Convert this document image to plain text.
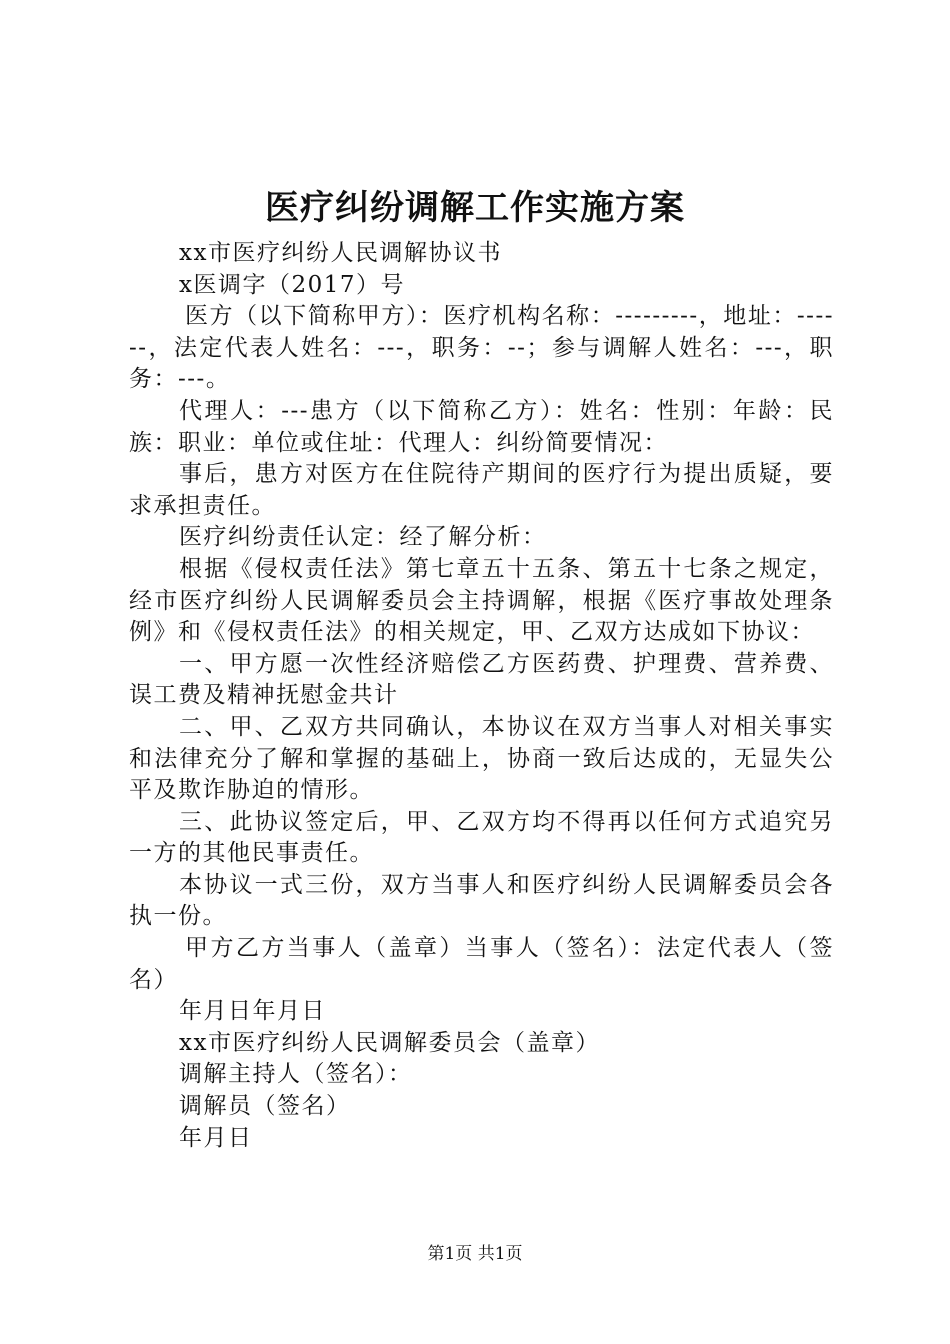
医疗纠纷调解工作实施方案

xx市医疗纠纷人民调解协议书

x医调字（2017）号

医方（以下简称甲方）：医疗机构名称：---------，地址：------，法定代表人姓名：---，职务：--；参与调解人姓名：---，职务：---。

代理人：---患方（以下简称乙方）：姓名：性别：年龄：民族：职业：单位或住址：代理人：纠纷简要情况：

事后，患方对医方在住院待产期间的医疗行为提出质疑，要求承担责任。

医疗纠纷责任认定：经了解分析：

根据《侵权责任法》第七章五十五条、第五十七条之规定，经市医疗纠纷人民调解委员会主持调解，根据《医疗事故处理条例》和《侵权责任法》的相关规定，甲、乙双方达成如下协议：

一、甲方愿一次性经济赔偿乙方医药费、护理费、营养费、误工费及精神抚慰金共计

二、甲、乙双方共同确认，本协议在双方当事人对相关事实和法律充分了解和掌握的基础上，协商一致后达成的，无显失公平及欺诈胁迫的情形。

三、此协议签定后，甲、乙双方均不得再以任何方式追究另一方的其他民事责任。

本协议一式三份，双方当事人和医疗纠纷人民调解委员会各执一份。

甲方乙方当事人（盖章）当事人（签名）：法定代表人（签名）

年月日年月日

xx市医疗纠纷人民调解委员会（盖章）

调解主持人（签名）：

调解员（签名）

年月日

第1页 共1页
